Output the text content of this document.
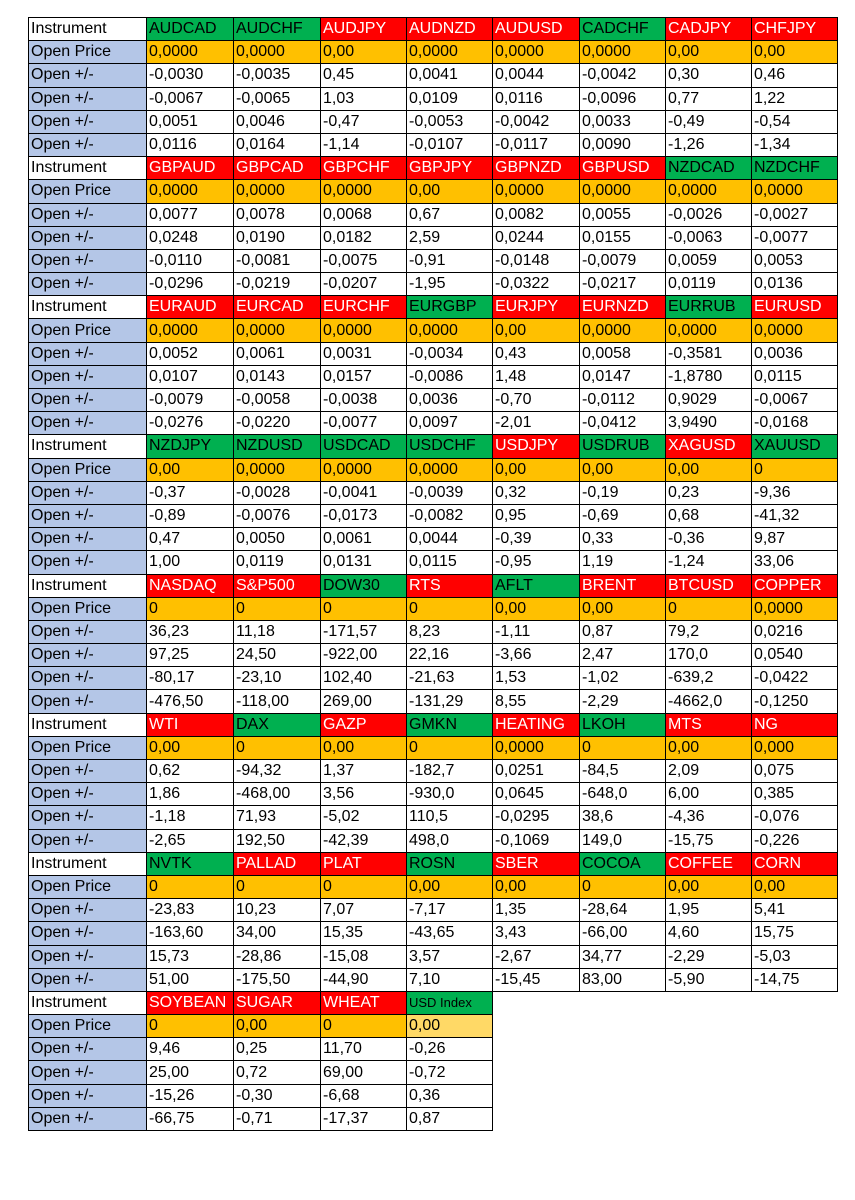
Instrument	AUDCAD	AUDCHF	AUDJPY	AUDNZD	AUDUSD	CADCHF	CADJPY	CHFJPY
Open Price	0,0000	0,0000	0,00	0,0000	0,0000	0,0000	0,00	0,00
Open +/-	-0,0030	-0,0035	0,45	0,0041	0,0044	-0,0042	0,30	0,46
Open +/-	-0,0067	-0,0065	1,03	0,0109	0,0116	-0,0096	0,77	1,22
Open +/-	0,0051	0,0046	-0,47	-0,0053	-0,0042	0,0033	-0,49	-0,54
Open +/-	0,0116	0,0164	-1,14	-0,0107	-0,0117	0,0090	-1,26	-1,34
Instrument	GBPAUD	GBPCAD	GBPCHF	GBPJPY	GBPNZD	GBPUSD	NZDCAD	NZDCHF
Open Price	0,0000	0,0000	0,0000	0,00	0,0000	0,0000	0,0000	0,0000
Open +/-	0,0077	0,0078	0,0068	0,67	0,0082	0,0055	-0,0026	-0,0027
Open +/-	0,0248	0,0190	0,0182	2,59	0,0244	0,0155	-0,0063	-0,0077
Open +/-	-0,0110	-0,0081	-0,0075	-0,91	-0,0148	-0,0079	0,0059	0,0053
Open +/-	-0,0296	-0,0219	-0,0207	-1,95	-0,0322	-0,0217	0,0119	0,0136
Instrument	EURAUD	EURCAD	EURCHF	EURGBP	EURJPY	EURNZD	EURRUB	EURUSD
Open Price	0,0000	0,0000	0,0000	0,0000	0,00	0,0000	0,0000	0,0000
Open +/-	0,0052	0,0061	0,0031	-0,0034	0,43	0,0058	-0,3581	0,0036
Open +/-	0,0107	0,0143	0,0157	-0,0086	1,48	0,0147	-1,8780	0,0115
Open +/-	-0,0079	-0,0058	-0,0038	0,0036	-0,70	-0,0112	0,9029	-0,0067
Open +/-	-0,0276	-0,0220	-0,0077	0,0097	-2,01	-0,0412	3,9490	-0,0168
Instrument	NZDJPY	NZDUSD	USDCAD	USDCHF	USDJPY	USDRUB	XAGUSD	XAUUSD
Open Price	0,00	0,0000	0,0000	0,0000	0,00	0,00	0,00	0
Open +/-	-0,37	-0,0028	-0,0041	-0,0039	0,32	-0,19	0,23	-9,36
Open +/-	-0,89	-0,0076	-0,0173	-0,0082	0,95	-0,69	0,68	-41,32
Open +/-	0,47	0,0050	0,0061	0,0044	-0,39	0,33	-0,36	9,87
Open +/-	1,00	0,0119	0,0131	0,0115	-0,95	1,19	-1,24	33,06
Instrument	NASDAQ	S&P500	DOW30	RTS	AFLT	BRENT	BTCUSD	COPPER
Open Price	0	0	0	0	0,00	0,00	0	0,0000
Open +/-	36,23	11,18	-171,57	8,23	-1,11	0,87	79,2	0,0216
Open +/-	97,25	24,50	-922,00	22,16	-3,66	2,47	170,0	0,0540
Open +/-	-80,17	-23,10	102,40	-21,63	1,53	-1,02	-639,2	-0,0422
Open +/-	-476,50	-118,00	269,00	-131,29	8,55	-2,29	-4662,0	-0,1250
Instrument	WTI	DAX	GAZP	GMKN	HEATING	LKOH	MTS	NG
Open Price	0,00	0	0,00	0	0,0000	0	0,00	0,000
Open +/-	0,62	-94,32	1,37	-182,7	0,0251	-84,5	2,09	0,075
Open +/-	1,86	-468,00	3,56	-930,0	0,0645	-648,0	6,00	0,385
Open +/-	-1,18	71,93	-5,02	110,5	-0,0295	38,6	-4,36	-0,076
Open +/-	-2,65	192,50	-42,39	498,0	-0,1069	149,0	-15,75	-0,226
Instrument	NVTK	PALLAD	PLAT	ROSN	SBER	COCOA	COFFEE	CORN
Open Price	0	0	0	0,00	0,00	0	0,00	0,00
Open +/-	-23,83	10,23	7,07	-7,17	1,35	-28,64	1,95	5,41
Open +/-	-163,60	34,00	15,35	-43,65	3,43	-66,00	4,60	15,75
Open +/-	15,73	-28,86	-15,08	3,57	-2,67	34,77	-2,29	-5,03
Open +/-	51,00	-175,50	-44,90	7,10	-15,45	83,00	-5,90	-14,75
Instrument	SOYBEAN	SUGAR	WHEAT	USD Index				
Open Price	0	0,00	0	0,00				
Open +/-	9,46	0,25	11,70	-0,26				
Open +/-	25,00	0,72	69,00	-0,72				
Open +/-	-15,26	-0,30	-6,68	0,36				
Open +/-	-66,75	-0,71	-17,37	0,87				
